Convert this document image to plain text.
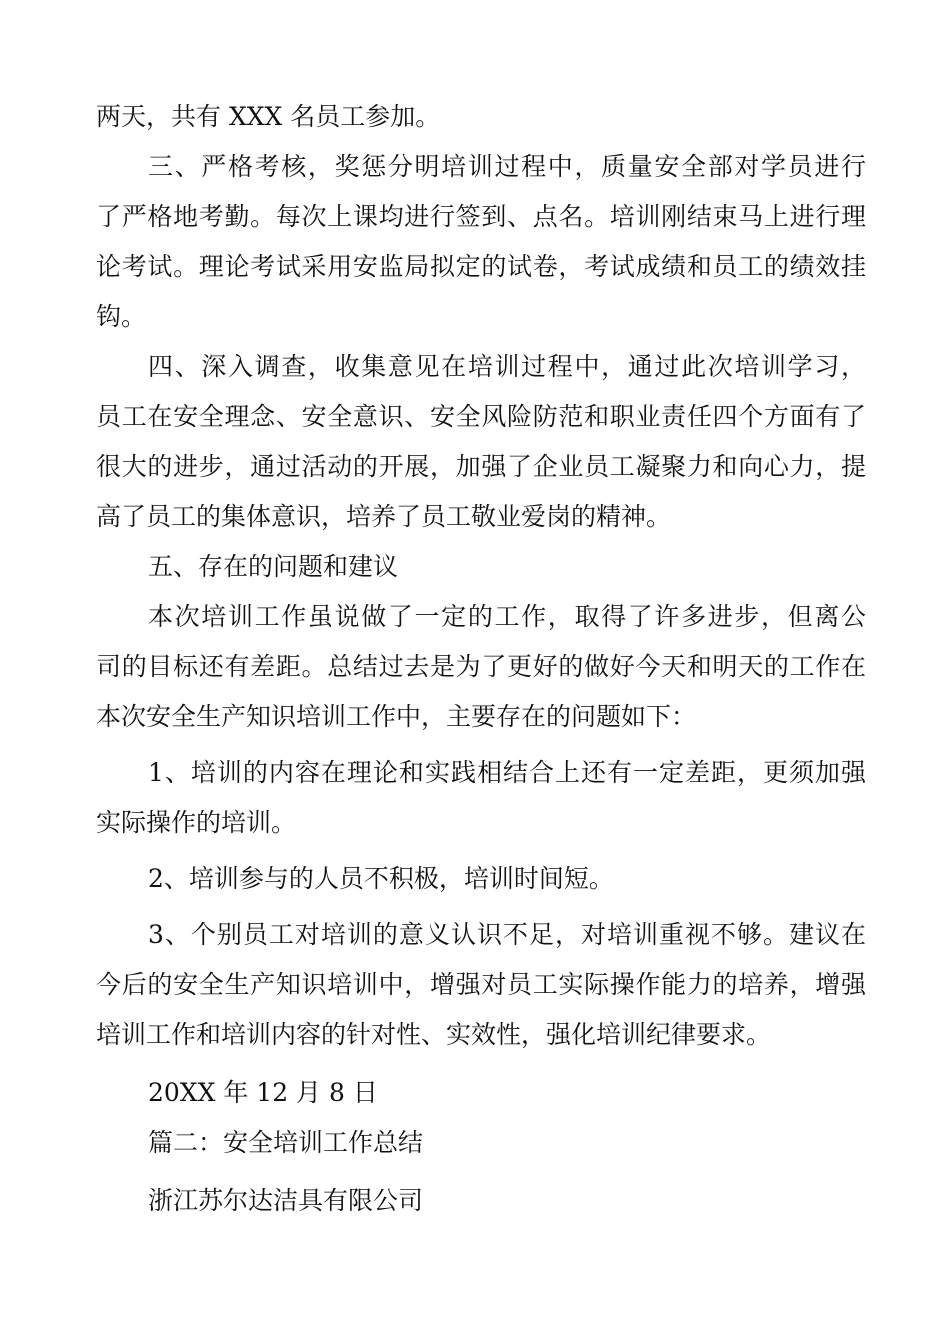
两天，共有 XXX 名员工参加。

三、严格考核，奖惩分明培训过程中，质量安全部对学员进行
了严格地考勤。每次上课均进行签到、点名。培训刚结束马上进行理
论考试。理论考试采用安监局拟定的试卷，考试成绩和员工的绩效挂
钩。

四、深入调查，收集意见在培训过程中，通过此次培训学习，
员工在安全理念、安全意识、安全风险防范和职业责任四个方面有了
很大的进步，通过活动的开展，加强了企业员工凝聚力和向心力，提
高了员工的集体意识，培养了员工敬业爱岗的精神。

五、存在的问题和建议

本次培训工作虽说做了一定的工作，取得了许多进步，但离公
司的目标还有差距。总结过去是为了更好的做好今天和明天的工作在
本次安全生产知识培训工作中，主要存在的问题如下：

1、培训的内容在理论和实践相结合上还有一定差距，更须加强
实际操作的培训。

2、培训参与的人员不积极，培训时间短。

3、个别员工对培训的意义认识不足，对培训重视不够。建议在
今后的安全生产知识培训中，增强对员工实际操作能力的培养，增强
培训工作和培训内容的针对性、实效性，强化培训纪律要求。

20XX 年 12 月 8 日

篇二：安全培训工作总结

浙江苏尔达洁具有限公司
